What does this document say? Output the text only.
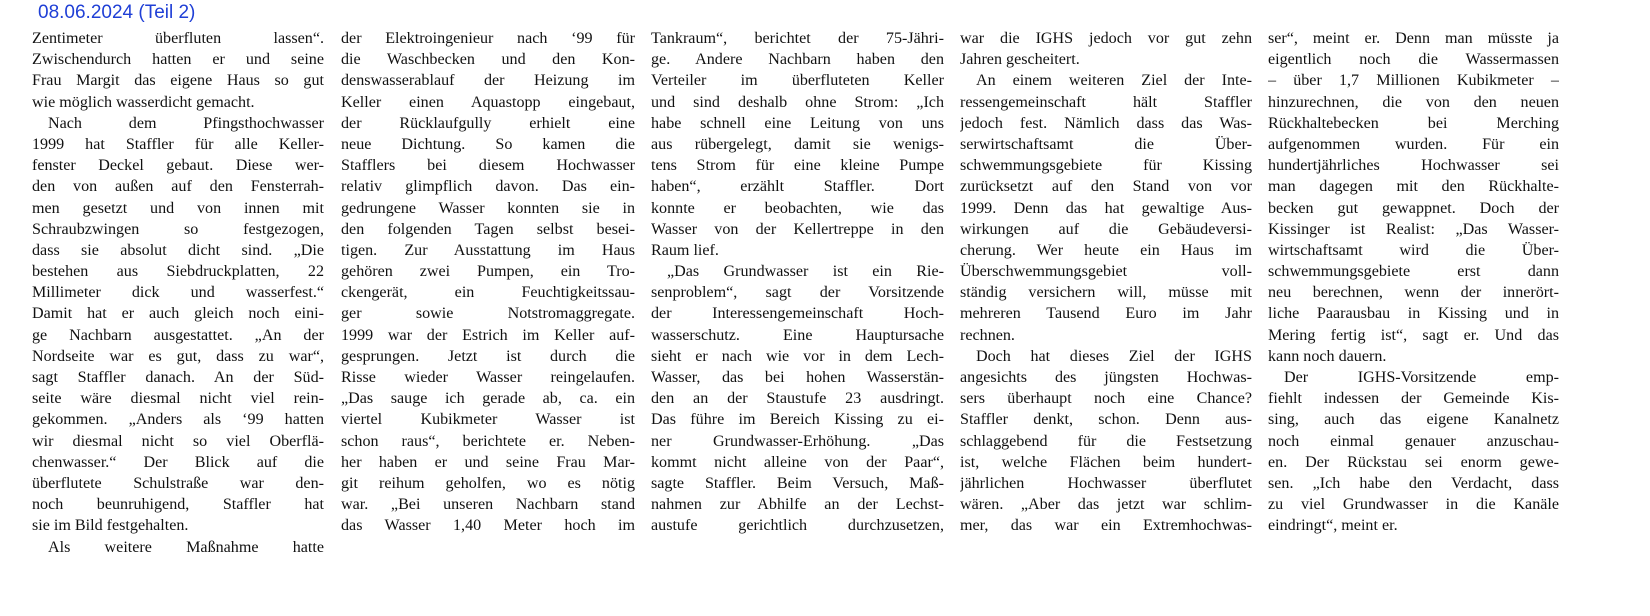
08.06.2024 (Teil 2)
Zentimeter überfluten lassen“.
Zwischendurch hatten er und seine
Frau Margit das eigene Haus so gut
wie möglich wasserdicht gemacht.
Nach dem Pfingsthochwasser
1999 hat Staffler für alle Keller-
fenster Deckel gebaut. Diese wer-
den von außen auf den Fensterrah-
men gesetzt und von innen mit
Schraubzwingen so festgezogen,
dass sie absolut dicht sind. „Die
bestehen aus Siebdruckplatten, 22
Millimeter dick und wasserfest.“
Damit hat er auch gleich noch eini-
ge Nachbarn ausgestattet. „An der
Nordseite war es gut, dass zu war“,
sagt Staffler danach. An der Süd-
seite wäre diesmal nicht viel rein-
gekommen. „Anders als ‘99 hatten
wir diesmal nicht so viel Oberflä-
chenwasser.“ Der Blick auf die
überflutete Schulstraße war den-
noch beunruhigend, Staffler hat
sie im Bild festgehalten.
Als weitere Maßnahme hatte
der Elektroingenieur nach ‘99 für
die Waschbecken und den Kon-
denswasserablauf der Heizung im
Keller einen Aquastopp eingebaut,
der Rücklaufgully erhielt eine
neue Dichtung. So kamen die
Stafflers bei diesem Hochwasser
relativ glimpflich davon. Das ein-
gedrungene Wasser konnten sie in
den folgenden Tagen selbst besei-
tigen. Zur Ausstattung im Haus
gehören zwei Pumpen, ein Tro-
ckengerät, ein Feuchtigkeitssau-
ger sowie Notstromaggregate.
1999 war der Estrich im Keller auf-
gesprungen. Jetzt ist durch die
Risse wieder Wasser reingelaufen.
„Das sauge ich gerade ab, ca. ein
viertel Kubikmeter Wasser ist
schon raus“, berichtete er. Neben-
her haben er und seine Frau Mar-
git reihum geholfen, wo es nötig
war. „Bei unseren Nachbarn stand
das Wasser 1,40 Meter hoch im
Tankraum“, berichtet der 75-Jähri-
ge. Andere Nachbarn haben den
Verteiler im überfluteten Keller
und sind deshalb ohne Strom: „Ich
habe schnell eine Leitung von uns
aus rübergelegt, damit sie wenigs-
tens Strom für eine kleine Pumpe
haben“, erzählt Staffler. Dort
konnte er beobachten, wie das
Wasser von der Kellertreppe in den
Raum lief.
„Das Grundwasser ist ein Rie-
senproblem“, sagt der Vorsitzende
der Interessengemeinschaft Hoch-
wasserschutz. Eine Hauptursache
sieht er nach wie vor in dem Lech-
Wasser, das bei hohen Wasserstän-
den an der Staustufe 23 ausdringt.
Das führe im Bereich Kissing zu ei-
ner Grundwasser-Erhöhung. „Das
kommt nicht alleine von der Paar“,
sagte Staffler. Beim Versuch, Maß-
nahmen zur Abhilfe an der Lechst-
austufe gerichtlich durchzusetzen,
war die IGHS jedoch vor gut zehn
Jahren gescheitert.
An einem weiteren Ziel der Inte-
ressengemeinschaft hält Staffler
jedoch fest. Nämlich dass das Was-
serwirtschaftsamt die Über-
schwemmungsgebiete für Kissing
zurücksetzt auf den Stand von vor
1999. Denn das hat gewaltige Aus-
wirkungen auf die Gebäudeversi-
cherung. Wer heute ein Haus im
Überschwemmungsgebiet voll-
ständig versichern will, müsse mit
mehreren Tausend Euro im Jahr
rechnen.
Doch hat dieses Ziel der IGHS
angesichts des jüngsten Hochwas-
sers überhaupt noch eine Chance?
Staffler denkt, schon. Denn aus-
schlaggebend für die Festsetzung
ist, welche Flächen beim hundert-
jährlichen Hochwasser überflutet
wären. „Aber das jetzt war schlim-
mer, das war ein Extremhochwas-
ser“, meint er. Denn man müsste ja
eigentlich noch die Wassermassen
– über 1,7 Millionen Kubikmeter –
hinzurechnen, die von den neuen
Rückhaltebecken bei Merching
aufgenommen wurden. Für ein
hundertjährliches Hochwasser sei
man dagegen mit den Rückhalte-
becken gut gewappnet. Doch der
Kissinger ist Realist: „Das Wasser-
wirtschaftsamt wird die Über-
schwemmungsgebiete erst dann
neu berechnen, wenn der innerört-
liche Paarausbau in Kissing und in
Mering fertig ist“, sagt er. Und das
kann noch dauern.
Der IGHS-Vorsitzende emp-
fiehlt indessen der Gemeinde Kis-
sing, auch das eigene Kanalnetz
noch einmal genauer anzuschau-
en. Der Rückstau sei enorm gewe-
sen. „Ich habe den Verdacht, dass
zu viel Grundwasser in die Kanäle
eindringt“, meint er.
